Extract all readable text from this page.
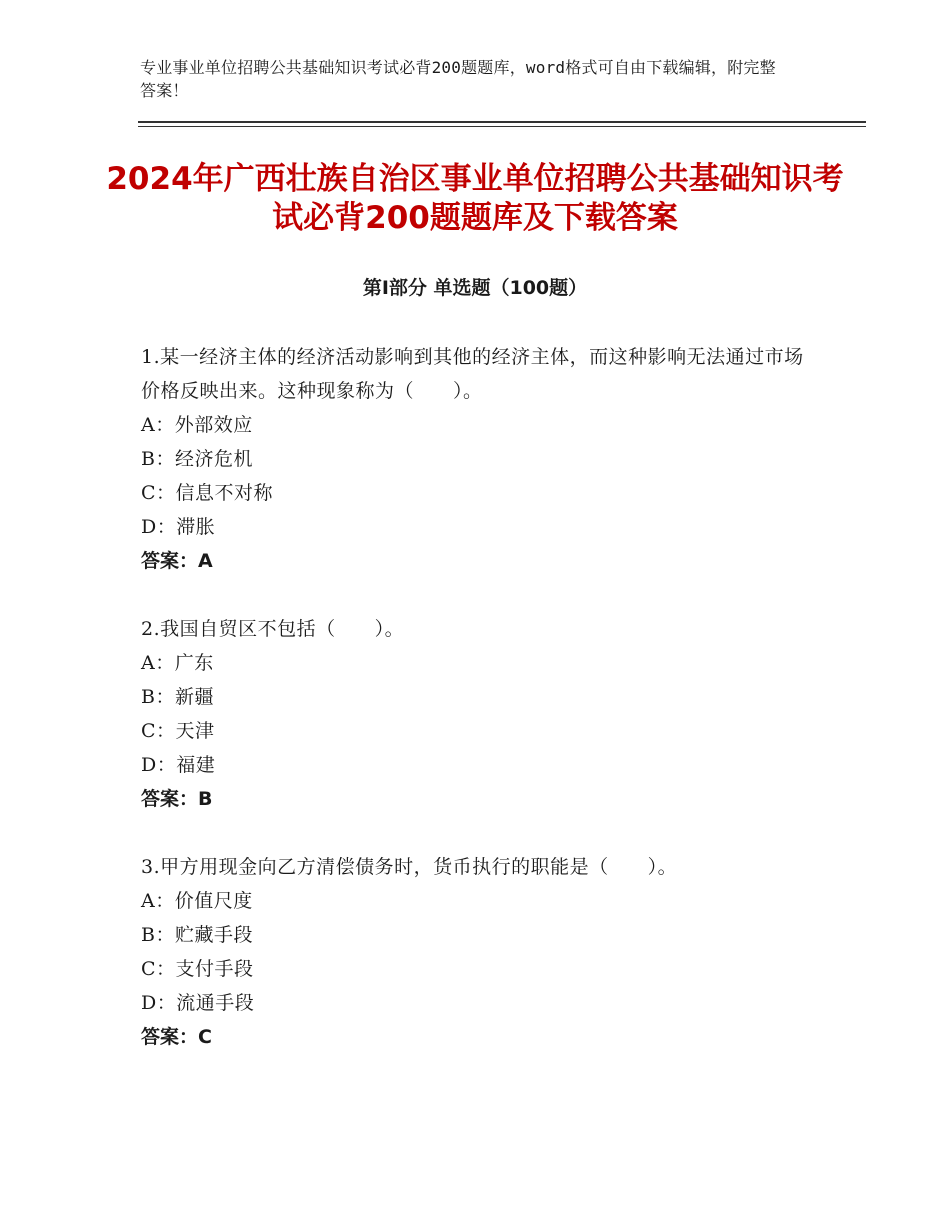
专业事业单位招聘公共基础知识考试必背200题题库，word格式可自由下载编辑，附完整答案！
2024年广西壮族自治区事业单位招聘公共基础知识考试必背200题题库及下载答案
第Ⅰ部分 单选题（100题）
1.某一经济主体的经济活动影响到其他的经济主体，而这种影响无法通过市场价格反映出来。这种现象称为（　　）。
A：外部效应
B：经济危机
C：信息不对称
D：滞胀
答案：A
2.我国自贸区不包括（　　）。
A：广东
B：新疆
C：天津
D：福建
答案：B
3.甲方用现金向乙方清偿债务时，货币执行的职能是（　　）。
A：价值尺度
B：贮藏手段
C：支付手段
D：流通手段
答案：C
